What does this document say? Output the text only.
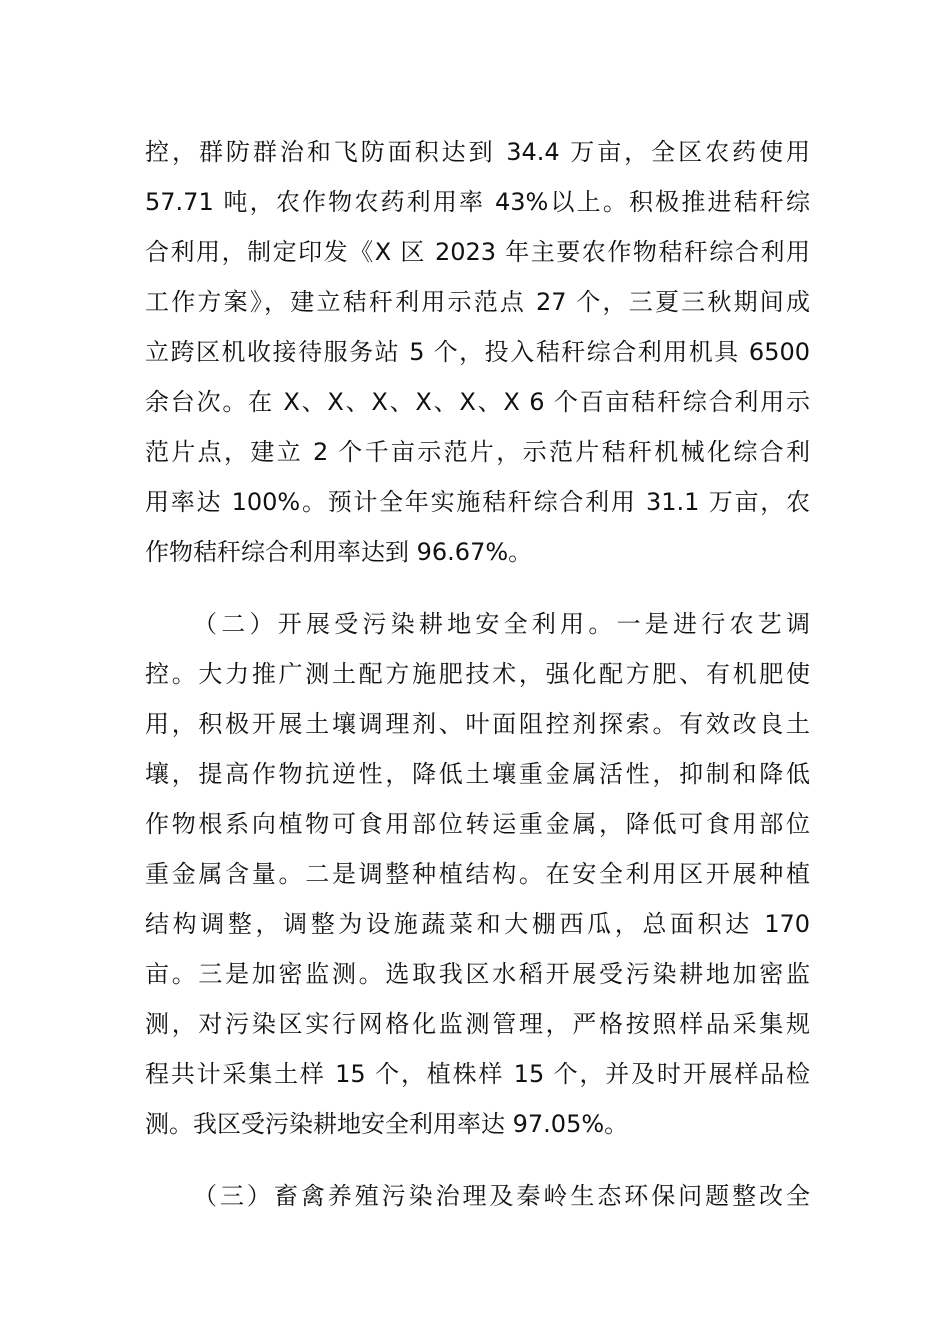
控，群防群治和飞防面积达到 34.4 万亩，全区农药使用
57.71 吨，农作物农药利用率 43%以上。积极推进秸秆综
合利用，制定印发《X 区 2023 年主要农作物秸秆综合利用
工作方案》，建立秸秆利用示范点 27 个，三夏三秋期间成
立跨区机收接待服务站 5 个，投入秸秆综合利用机具 6500
余台次。在 X、X、X、X、X、X 6 个百亩秸秆综合利用示
范片点，建立 2 个千亩示范片，示范片秸秆机械化综合利
用率达 100%。预计全年实施秸秆综合利用 31.1 万亩，农
作物秸秆综合利用率达到 96.67%。
（二）开展受污染耕地安全利用。一是进行农艺调
控。大力推广测土配方施肥技术，强化配方肥、有机肥使
用，积极开展土壤调理剂、叶面阻控剂探索。有效改良土
壤，提高作物抗逆性，降低土壤重金属活性，抑制和降低
作物根系向植物可食用部位转运重金属，降低可食用部位
重金属含量。二是调整种植结构。在安全利用区开展种植
结构调整，调整为设施蔬菜和大棚西瓜，总面积达 170
亩。三是加密监测。选取我区水稻开展受污染耕地加密监
测，对污染区实行网格化监测管理，严格按照样品采集规
程共计采集土样 15 个，植株样 15 个，并及时开展样品检
测。我区受污染耕地安全利用率达 97.05%。
（三）畜禽养殖污染治理及秦岭生态环保问题整改全
